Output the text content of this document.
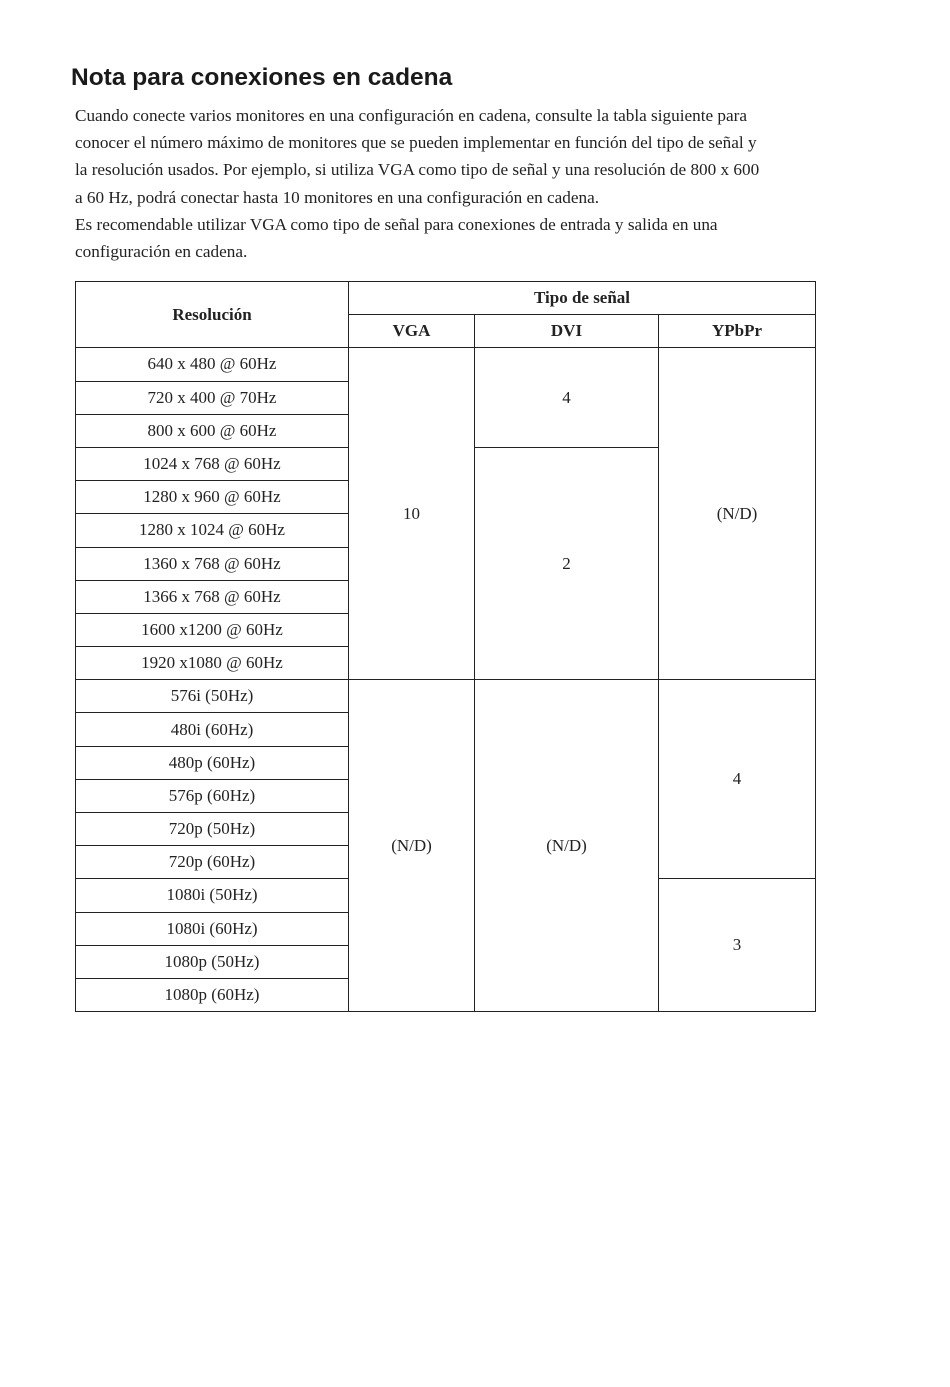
Nota para conexiones en cadena

Cuando conecte varios monitores en una configuración en cadena, consulte la tabla siguiente para

conocer el número máximo de monitores que se pueden implementar en función del tipo de señal y

la resolución usados. Por ejemplo, si utiliza VGA como tipo de señal y una resolución de 800 x 600

a 60 Hz, podrá conectar hasta 10 monitores en una configuración en cadena.

Es recomendable utilizar VGA como tipo de señal para conexiones de entrada y salida en una

configuración en cadena.

Resolución	Tipo de señal		
	VGA	DVI	YPbPr
640 x 480 @ 60Hz	10	4	(N/D)
720 x 400 @ 70Hz			
800 x 600 @ 60Hz			
1024 x 768 @ 60Hz		2	
1280 x 960 @ 60Hz			
1280 x 1024 @ 60Hz			
1360 x 768 @ 60Hz			
1366 x 768 @ 60Hz			
1600 x1200 @ 60Hz			
1920 x1080 @ 60Hz			
576i (50Hz)	(N/D)	(N/D)	4
480i (60Hz)			
480p (60Hz)			
576p (60Hz)			
720p (50Hz)			
720p (60Hz)			
1080i (50Hz)			3
1080i (60Hz)			
1080p (50Hz)			
1080p (60Hz)			
